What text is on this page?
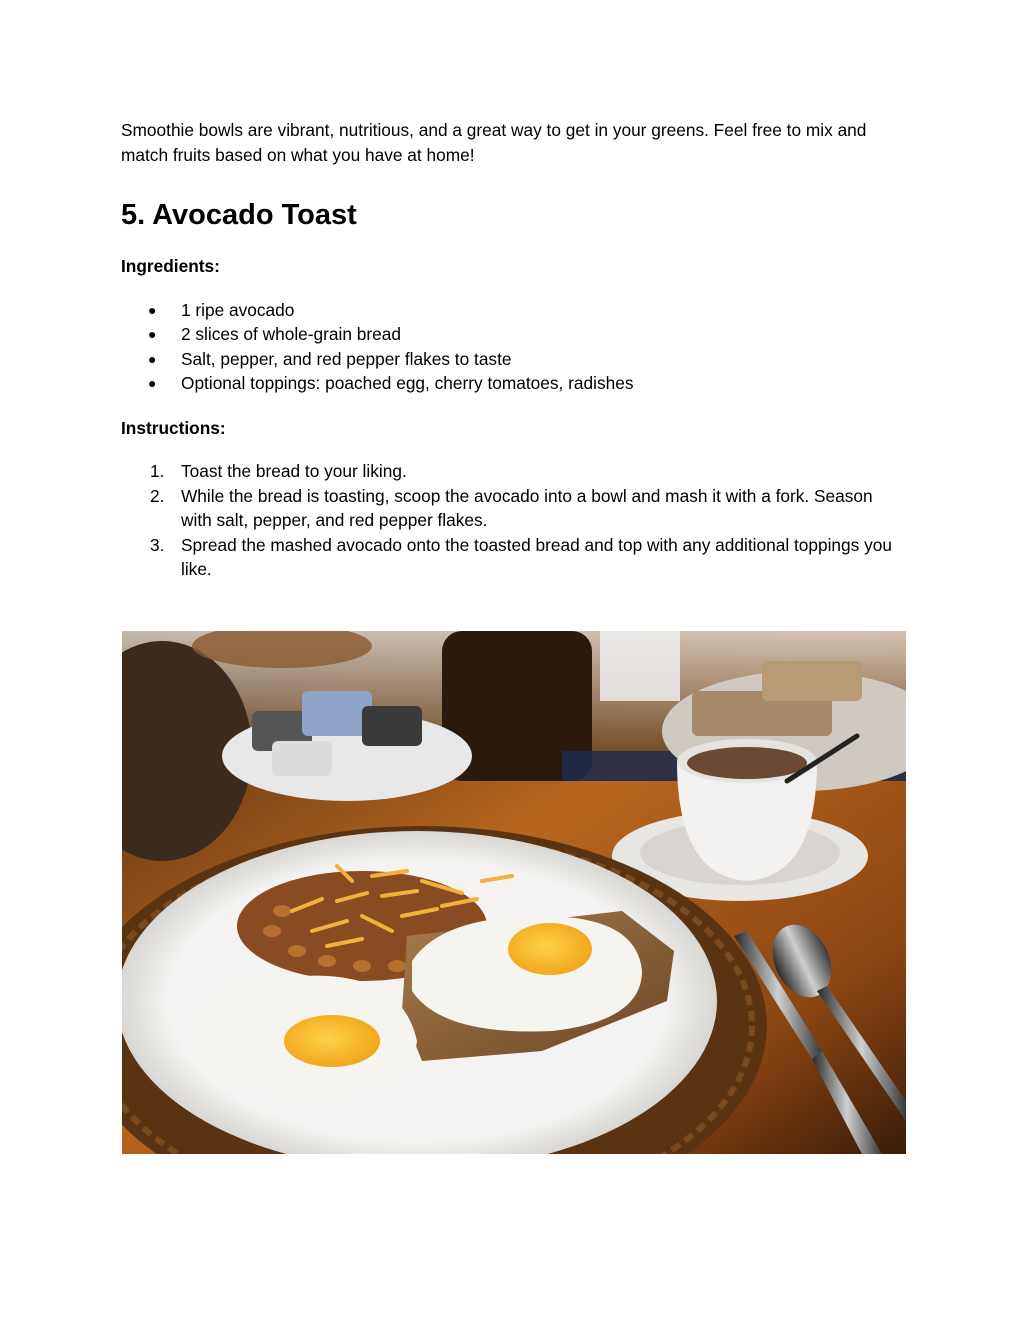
Smoothie bowls are vibrant, nutritious, and a great way to get in your greens. Feel free to mix and match fruits based on what you have at home!

5. Avocado Toast

Ingredients:

● 1 ripe avocado
● 2 slices of whole-grain bread
● Salt, pepper, and red pepper flakes to taste
● Optional toppings: poached egg, cherry tomatoes, radishes

Instructions:

1. Toast the bread to your liking.
2. While the bread is toasting, scoop the avocado into a bowl and mash it with a fork. Season with salt, pepper, and red pepper flakes.
3. Spread the mashed avocado onto the toasted bread and top with any additional toppings you like.
